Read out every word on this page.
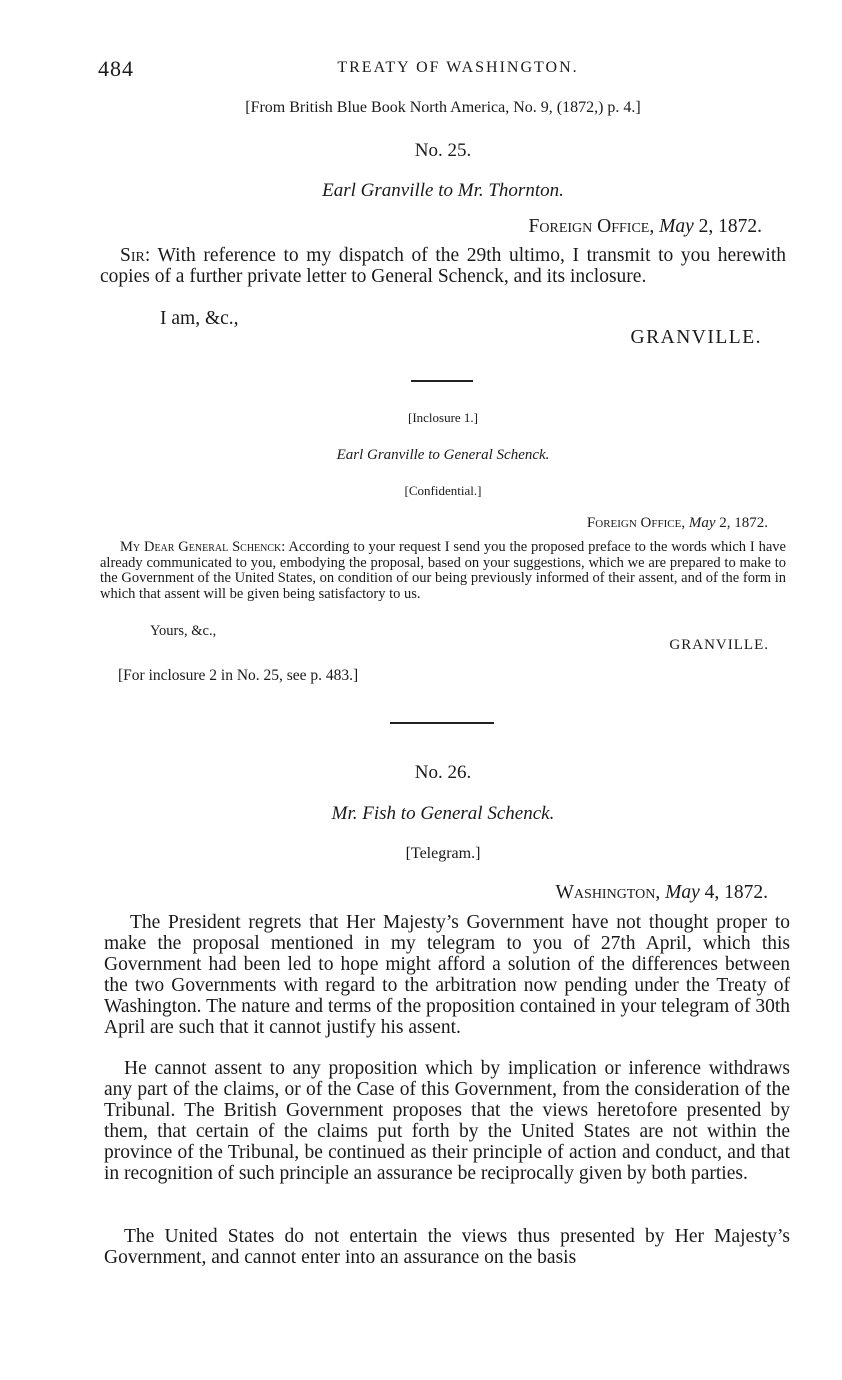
484	TREATY OF WASHINGTON.
[From British Blue Book North America, No. 9, (1872,) p. 4.]
No. 25.
Earl Granville to Mr. Thornton.
Foreign Office, May 2, 1872.
Sir: With reference to my dispatch of the 29th ultimo, I transmit to you herewith copies of a further private letter to General Schenck, and its inclosure.
I am, &c.,
GRANVILLE.
[Inclosure 1.]
Earl Granville to General Schenck.
[Confidential.]
Foreign Office, May 2, 1872.
My Dear General Schenck: According to your request I send you the proposed preface to the words which I have already communicated to you, embodying the proposal, based on your suggestions, which we are prepared to make to the Government of the United States, on condition of our being previously informed of their assent, and of the form in which that assent will be given being satisfactory to us.
Yours, &c.,
GRANVILLE.
[For inclosure 2 in No. 25, see p. 483.]
No. 26.
Mr. Fish to General Schenck.
[Telegram.]
Washington, May 4, 1872.
The President regrets that Her Majesty’s Government have not thought proper to make the proposal mentioned in my telegram to you of 27th April, which this Government had been led to hope might afford a solution of the differences between the two Governments with regard to the arbitration now pending under the Treaty of Washington. The nature and terms of the proposition contained in your telegram of 30th April are such that it cannot justify his assent.
He cannot assent to any proposition which by implication or inference withdraws any part of the claims, or of the Case of this Government, from the consideration of the Tribunal. The British Government proposes that the views heretofore presented by them, that certain of the claims put forth by the United States are not within the province of the Tribunal, be continued as their principle of action and conduct, and that in recognition of such principle an assurance be reciprocally given by both parties.
The United States do not entertain the views thus presented by Her Majesty’s Government, and cannot enter into an assurance on the basis
